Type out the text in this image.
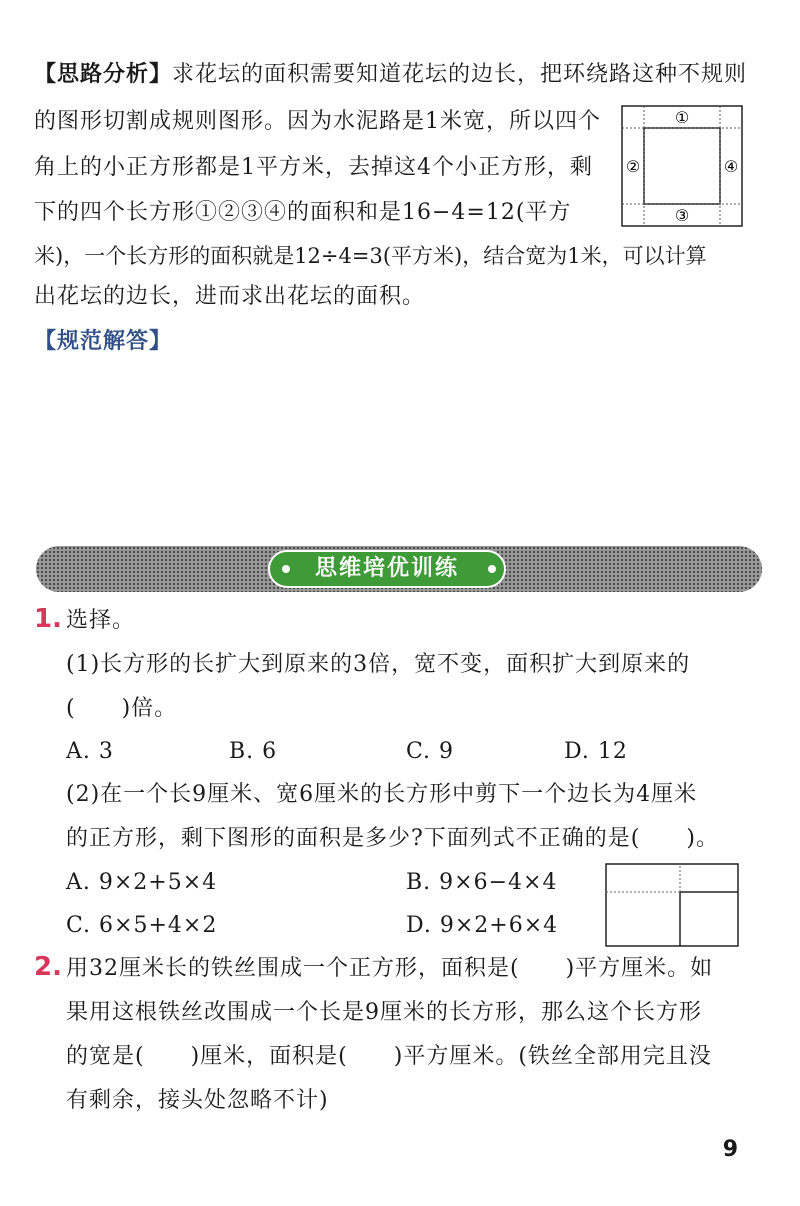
【思路分析】求花坛的面积需要知道花坛的边长，把环绕路这种不规则
的图形切割成规则图形。因为水泥路是1米宽，所以四个
角上的小正方形都是1平方米，去掉这4个小正方形，剩
下的四个长方形①②③④的面积和是16−4=12(平方
米)，一个长方形的面积就是12÷4=3(平方米)，结合宽为1米，可以计算
出花坛的边长，进而求出花坛的面积。
①
②
③
④
【规范解答】
思维培优训练
1. 选择。
(1)长方形的长扩大到原来的3倍，宽不变，面积扩大到原来的
(　　)倍。
A. 3	B. 6	C. 9	D. 12
(2)在一个长9厘米、宽6厘米的长方形中剪下一个边长为4厘米
的正方形，剩下图形的面积是多少?下面列式不正确的是(　　)。
A. 9×2+5×4	B. 9×6−4×4
C. 6×5+4×2	D. 9×2+6×4
2. 用32厘米长的铁丝围成一个正方形，面积是(　　)平方厘米。如
果用这根铁丝改围成一个长是9厘米的长方形，那么这个长方形
的宽是(　　)厘米，面积是(　　)平方厘米。(铁丝全部用完且没
有剩余，接头处忽略不计)
9
